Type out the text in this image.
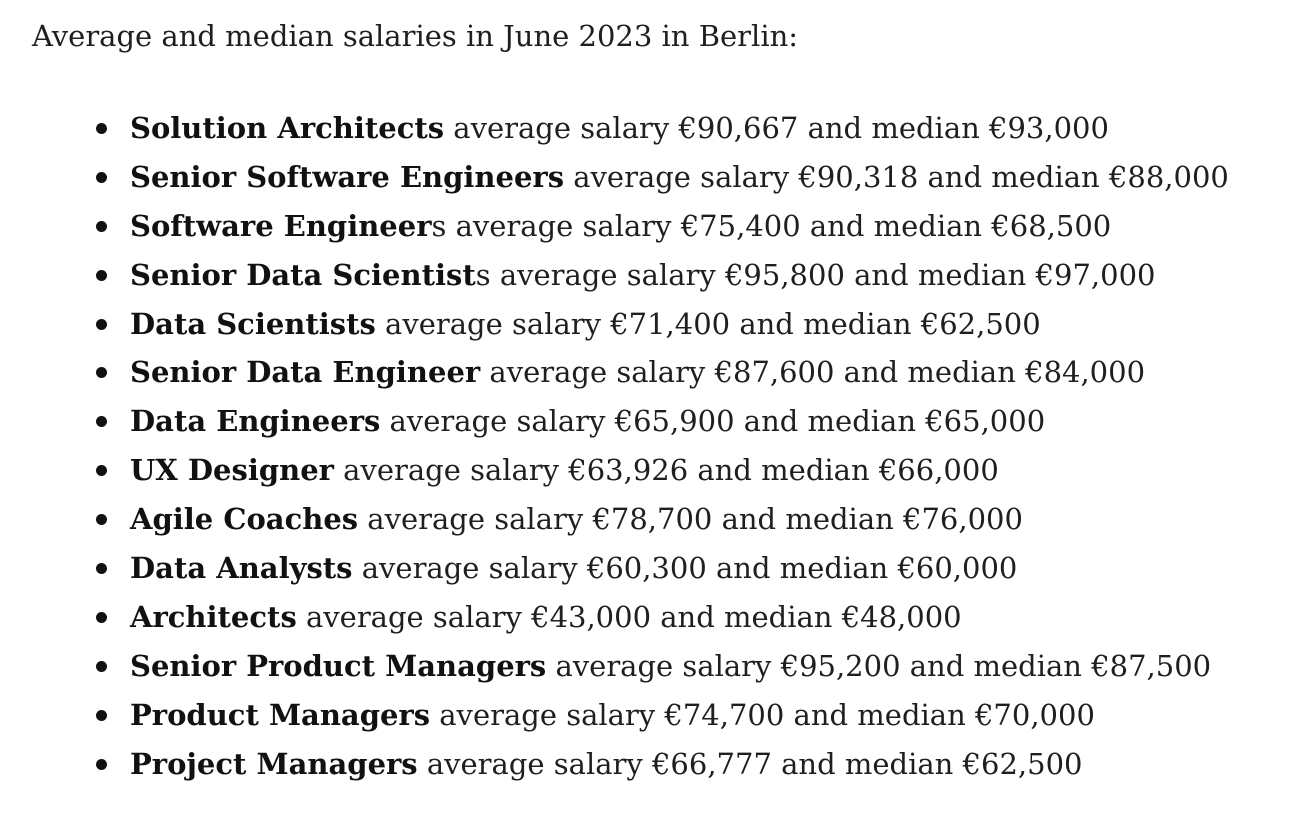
Average and median salaries in June 2023 in Berlin:

Solution Architects average salary €90,667 and median €93,000
Senior Software Engineers average salary €90,318 and median €88,000
Software Engineers average salary €75,400 and median €68,500
Senior Data Scientists average salary €95,800 and median €97,000
Data Scientists average salary €71,400 and median €62,500
Senior Data Engineer average salary €87,600 and median €84,000
Data Engineers average salary €65,900 and median €65,000
UX Designer average salary €63,926 and median €66,000
Agile Coaches average salary €78,700 and median €76,000
Data Analysts average salary €60,300 and median €60,000
Architects average salary €43,000 and median €48,000
Senior Product Managers average salary €95,200 and median €87,500
Product Managers average salary €74,700 and median €70,000
Project Managers average salary €66,777 and median €62,500
